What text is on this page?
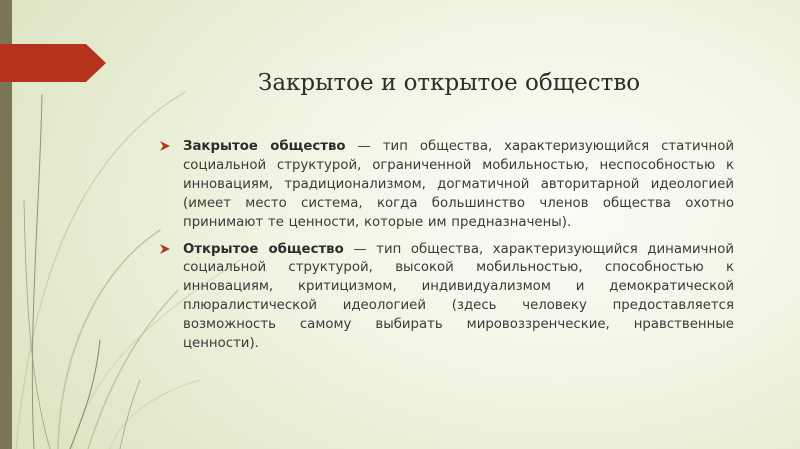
Закрытое и открытое общество

Закрытое общество — тип общества, характеризующийся статичной социальной структурой, ограниченной мобильностью, неспособностью к инновациям, традиционализмом, догматичной авторитарной идеологией (имеет место система, когда большинство членов общества охотно принимают те ценности, которые им предназначены).

Открытое общество — тип общества, характеризующийся динамичной социальной структурой, высокой мобильностью, способностью к инновациям, критицизмом, индивидуализмом и демократической плюралистической идеологией (здесь человеку предоставляется возможность самому выбирать мировоззренческие, нравственные ценности).
